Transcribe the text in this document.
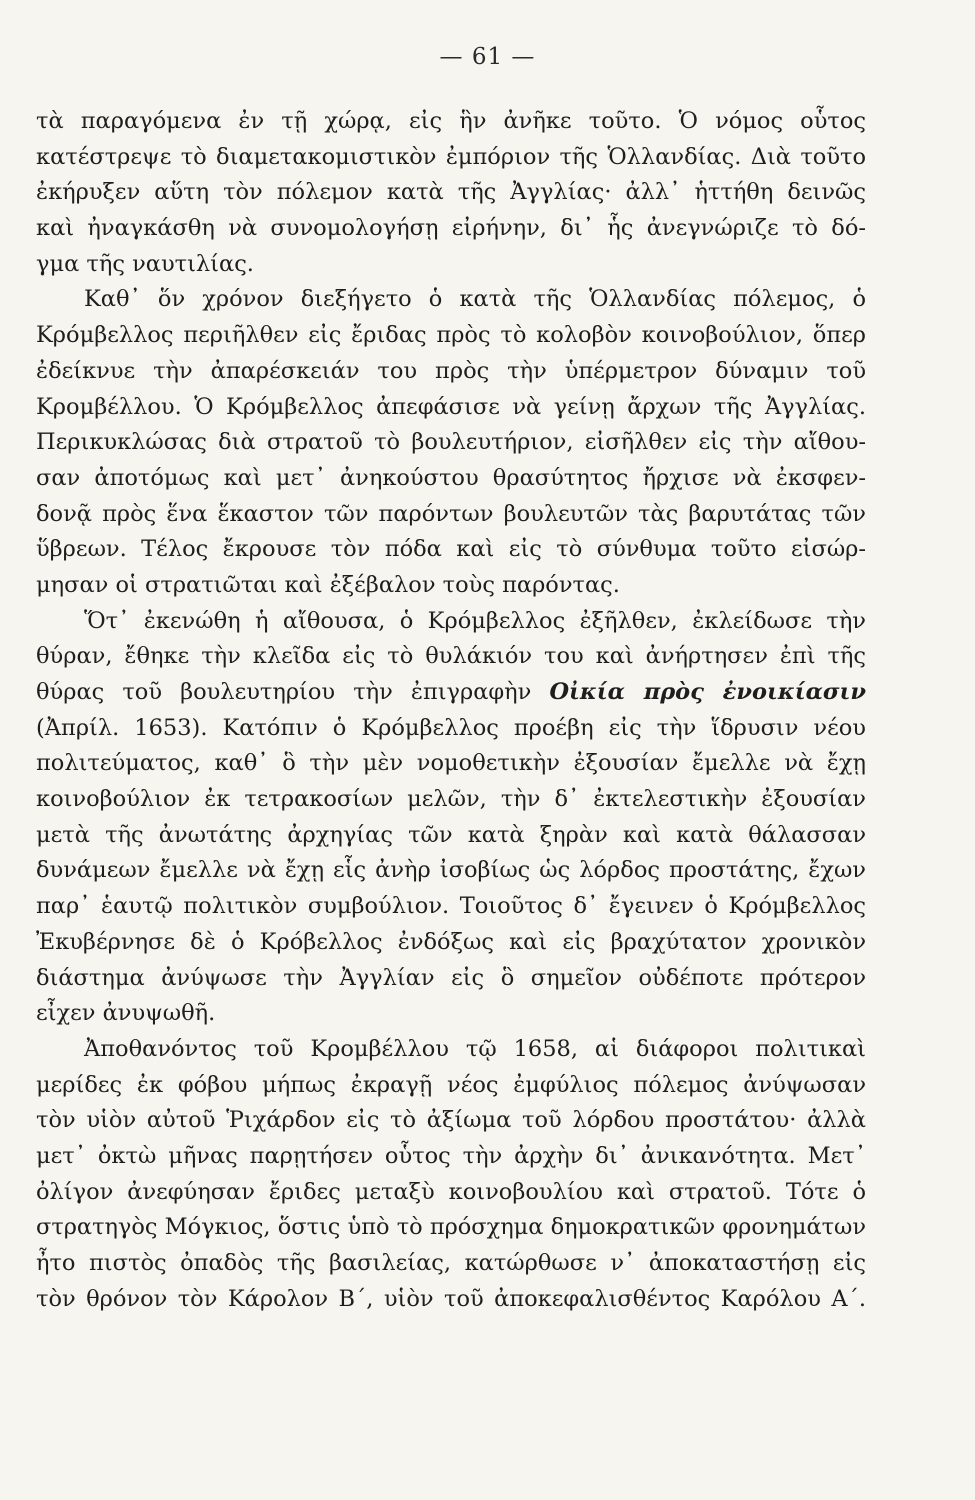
— 61 —
τὰ παραγόμενα ἐν τῇ χώρᾳ, εἰς ἣν ἀνῆκε τοῦτο. Ὁ νόμος οὗτος
κατέστρεψε τὸ διαμετακομιστικὸν ἐμπόριον τῆς Ὁλλανδίας. Διὰ τοῦτο
ἐκήρυξεν αὕτη τὸν πόλεμον κατὰ τῆς Ἀγγλίας· ἀλλ᾿ ἡττήθη δεινῶς
καὶ ἠναγκάσθη νὰ συνομολογήσῃ εἰρήνην, δι᾿ ἧς ἀνεγνώριζε τὸ δό-
γμα τῆς ναυτιλίας.
Καθ᾿ ὅν χρόνον διεξήγετο ὁ κατὰ τῆς Ὁλλανδίας πόλεμος, ὁ
Κρόμβελλος περιῆλθεν εἰς ἔριδας πρὸς τὸ κολοβὸν κοινοβούλιον, ὅπερ
ἐδείκνυε τὴν ἀπαρέσκειάν του πρὸς τὴν ὑπέρμετρον δύναμιν τοῦ
Κρομβέλλου. Ὁ Κρόμβελλος ἀπεφάσισε νὰ γείνῃ ἄρχων τῆς Ἀγγλίας.
Περικυκλώσας διὰ στρατοῦ τὸ βουλευτήριον, εἰσῆλθεν εἰς τὴν αἴθου-
σαν ἀποτόμως καὶ μετ᾿ ἀνηκούστου θρασύτητος ἤρχισε νὰ ἐκσφεν-
δονᾷ πρὸς ἕνα ἕκαστον τῶν παρόντων βουλευτῶν τὰς βαρυτάτας τῶν
ὕβρεων. Τέλος ἔκρουσε τὸν πόδα καὶ εἰς τὸ σύνθυμα τοῦτο εἰσώρ-
μησαν οἱ στρατιῶται καὶ ἐξέβαλον τοὺς παρόντας.
Ὅτ᾿ ἐκενώθη ἡ αἴθουσα, ὁ Κρόμβελλος ἐξῆλθεν, ἐκλείδωσε τὴν
θύραν, ἔθηκε τὴν κλεῖδα εἰς τὸ θυλάκιόν του καὶ ἀνήρτησεν ἐπὶ τῆς
θύρας τοῦ βουλευτηρίου τὴν ἐπιγραφὴν Οἰκία πρὸς ἐνοικίασιν
(Ἀπρίλ. 1653). Κατόπιν ὁ Κρόμβελλος προέβη εἰς τὴν ἵδρυσιν νέου
πολιτεύματος, καθ᾿ ὃ τὴν μὲν νομοθετικὴν ἐξουσίαν ἔμελλε νὰ ἔχῃ
κοινοβούλιον ἐκ τετρακοσίων μελῶν, τὴν δ᾿ ἐκτελεστικὴν ἐξουσίαν
μετὰ τῆς ἀνωτάτης ἀρχηγίας τῶν κατὰ ξηρὰν καὶ κατὰ θάλασσαν
δυνάμεων ἔμελλε νὰ ἔχῃ εἷς ἀνὴρ ἰσοβίως ὡς λόρδος προστάτης, ἔχων
παρ᾿ ἑαυτῷ πολιτικὸν συμβούλιον. Τοιοῦτος δ᾿ ἔγεινεν ὁ Κρόμβελλος
Ἐκυβέρνησε δὲ ὁ Κρόβελλος ἐνδόξως καὶ εἰς βραχύτατον χρονικὸν
διάστημα ἀνύψωσε τὴν Ἀγγλίαν εἰς ὃ σημεῖον οὐδέποτε πρότερον
εἶχεν ἀνυψωθῆ.
Ἀποθανόντος τοῦ Κρομβέλλου τῷ 1658, αἱ διάφοροι πολιτικαὶ
μερίδες ἐκ φόβου μήπως ἐκραγῇ νέος ἐμφύλιος πόλεμος ἀνύψωσαν
τὸν υἱὸν αὐτοῦ Ῥιχάρδον εἰς τὸ ἀξίωμα τοῦ λόρδου προστάτου· ἀλλὰ
μετ᾿ ὀκτὼ μῆνας παρῃτήσεν οὗτος τὴν ἀρχὴν δι᾿ ἀνικανότητα. Μετ᾿
ὀλίγον ἀνεφύησαν ἔριδες μεταξὺ κοινοβουλίου καὶ στρατοῦ. Τότε ὁ
στρατηγὸς Μόγκιος, ὅστις ὑπὸ τὸ πρόσχημα δημοκρατικῶν φρονημάτων
ἦτο πιστὸς ὀπαδὸς τῆς βασιλείας, κατώρθωσε ν᾿ ἀποκαταστήσῃ εἰς
τὸν θρόνον τὸν Κάρολον Β΄, υἱὸν τοῦ ἀποκεφαλισθέντος Καρόλου Α΄.
